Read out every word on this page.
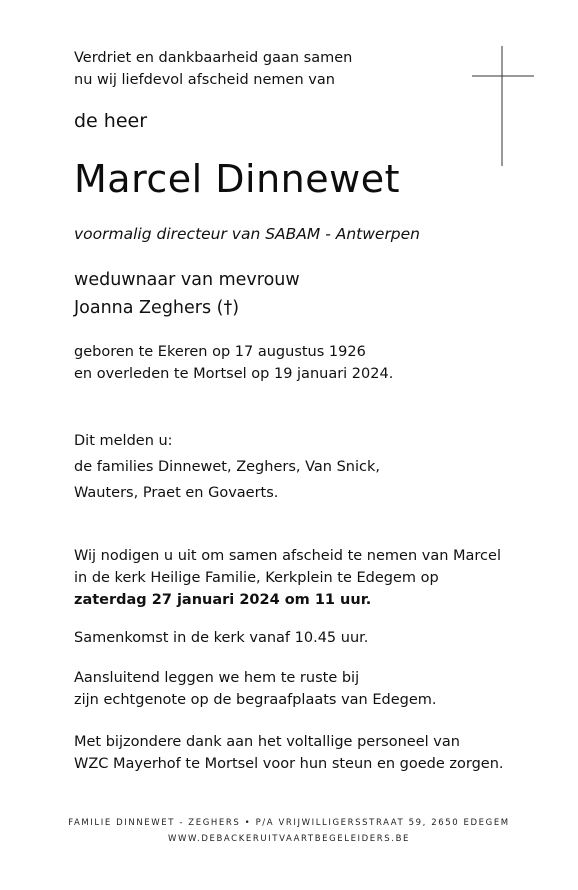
Verdriet en dankbaarheid gaan samen
nu wij liefdevol afscheid nemen van

de heer

Marcel Dinnewet

voormalig directeur van SABAM - Antwerpen

weduwnaar van mevrouw
Joanna Zeghers (†)

geboren te Ekeren op 17 augustus 1926
en overleden te Mortsel op 19 januari 2024.

Dit melden u:
de families Dinnewet, Zeghers, Van Snick,
Wauters, Praet en Govaerts.

Wij nodigen u uit om samen afscheid te nemen van Marcel
in de kerk Heilige Familie, Kerkplein te Edegem op
zaterdag 27 januari 2024 om 11 uur.

Samenkomst in de kerk vanaf 10.45 uur.

Aansluitend leggen we hem te ruste bij
zijn echtgenote op de begraafplaats van Edegem.

Met bijzondere dank aan het voltallige personeel van
WZC Mayerhof te Mortsel voor hun steun en goede zorgen.

FAMILIE DINNEWET - ZEGHERS • P/A VRIJWILLIGERSSTRAAT 59, 2650 EDEGEM

WWW.DEBACKERUITVAARTBEGELEIDERS.BE
